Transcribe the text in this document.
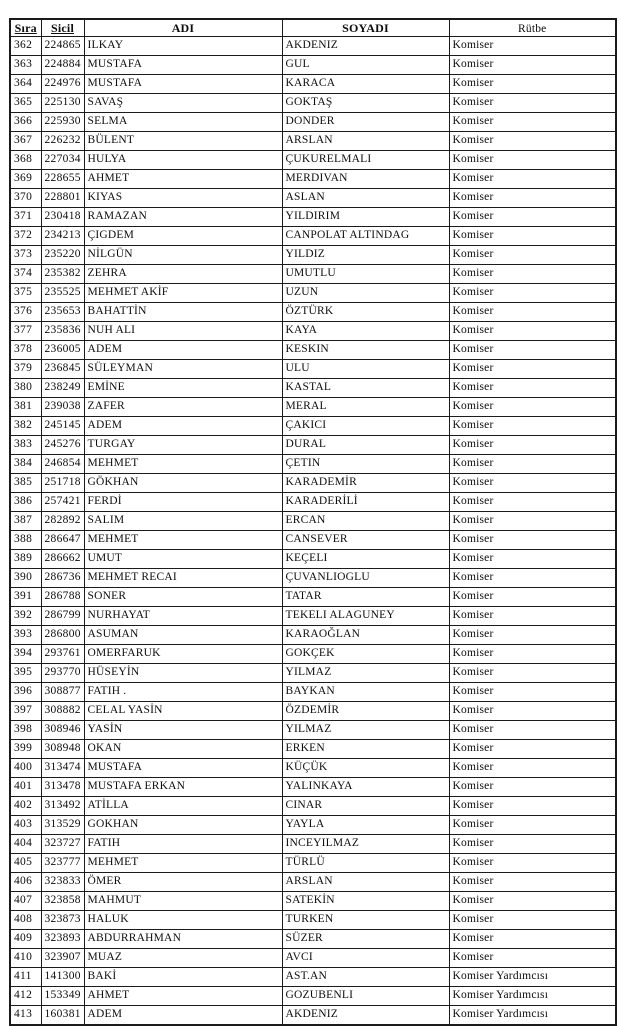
Sıra	Sicil	ADI	SOYADI	Rütbe
362	224865	ILKAY	AKDENIZ	Komiser
363	224884	MUSTAFA	GUL	Komiser
364	224976	MUSTAFA	KARACA	Komiser
365	225130	SAVAŞ	GOKTAŞ	Komiser
366	225930	SELMA	DONDER	Komiser
367	226232	BÜLENT	ARSLAN	Komiser
368	227034	HULYA	ÇUKURELMALI	Komiser
369	228655	AHMET	MERDIVAN	Komiser
370	228801	KIYAS	ASLAN	Komiser
371	230418	RAMAZAN	YILDIRIM	Komiser
372	234213	ÇIGDEM	CANPOLAT ALTINDAG	Komiser
373	235220	NİLGÜN	YILDIZ	Komiser
374	235382	ZEHRA	UMUTLU	Komiser
375	235525	MEHMET AKİF	UZUN	Komiser
376	235653	BAHATTİN	ÖZTÜRK	Komiser
377	235836	NUH ALI	KAYA	Komiser
378	236005	ADEM	KESKIN	Komiser
379	236845	SÜLEYMAN	ULU	Komiser
380	238249	EMİNE	KASTAL	Komiser
381	239038	ZAFER	MERAL	Komiser
382	245145	ADEM	ÇAKICI	Komiser
383	245276	TURGAY	DURAL	Komiser
384	246854	MEHMET	ÇETIN	Komiser
385	251718	GÖKHAN	KARADEMİR	Komiser
386	257421	FERDİ	KARADERİLİ	Komiser
387	282892	SALIM	ERCAN	Komiser
388	286647	MEHMET	CANSEVER	Komiser
389	286662	UMUT	KEÇELI	Komiser
390	286736	MEHMET RECAI	ÇUVANLIOGLU	Komiser
391	286788	SONER	TATAR	Komiser
392	286799	NURHAYAT	TEKELI ALAGUNEY	Komiser
393	286800	ASUMAN	KARAOĞLAN	Komiser
394	293761	OMERFARUK	GOKÇEK	Komiser
395	293770	HÜSEYİN	YILMAZ	Komiser
396	308877	FATIH .	BAYKAN	Komiser
397	308882	CELAL YASİN	ÖZDEMİR	Komiser
398	308946	YASİN	YILMAZ	Komiser
399	308948	OKAN	ERKEN	Komiser
400	313474	MUSTAFA	KÜÇÜK	Komiser
401	313478	MUSTAFA ERKAN	YALINKAYA	Komiser
402	313492	ATİLLA	CINAR	Komiser
403	313529	GOKHAN	YAYLA	Komiser
404	323727	FATIH	INCEYILMAZ	Komiser
405	323777	MEHMET	TÜRLÜ	Komiser
406	323833	ÖMER	ARSLAN	Komiser
407	323858	MAHMUT	SATEKİN	Komiser
408	323873	HALUK	TURKEN	Komiser
409	323893	ABDURRAHMAN	SÜZER	Komiser
410	323907	MUAZ	AVCI	Komiser
411	141300	BAKİ	AST.AN	Komiser Yardımcısı
412	153349	AHMET	GOZUBENLI	Komiser Yardımcısı
413	160381	ADEM	AKDENIZ	Komiser Yardımcısı
